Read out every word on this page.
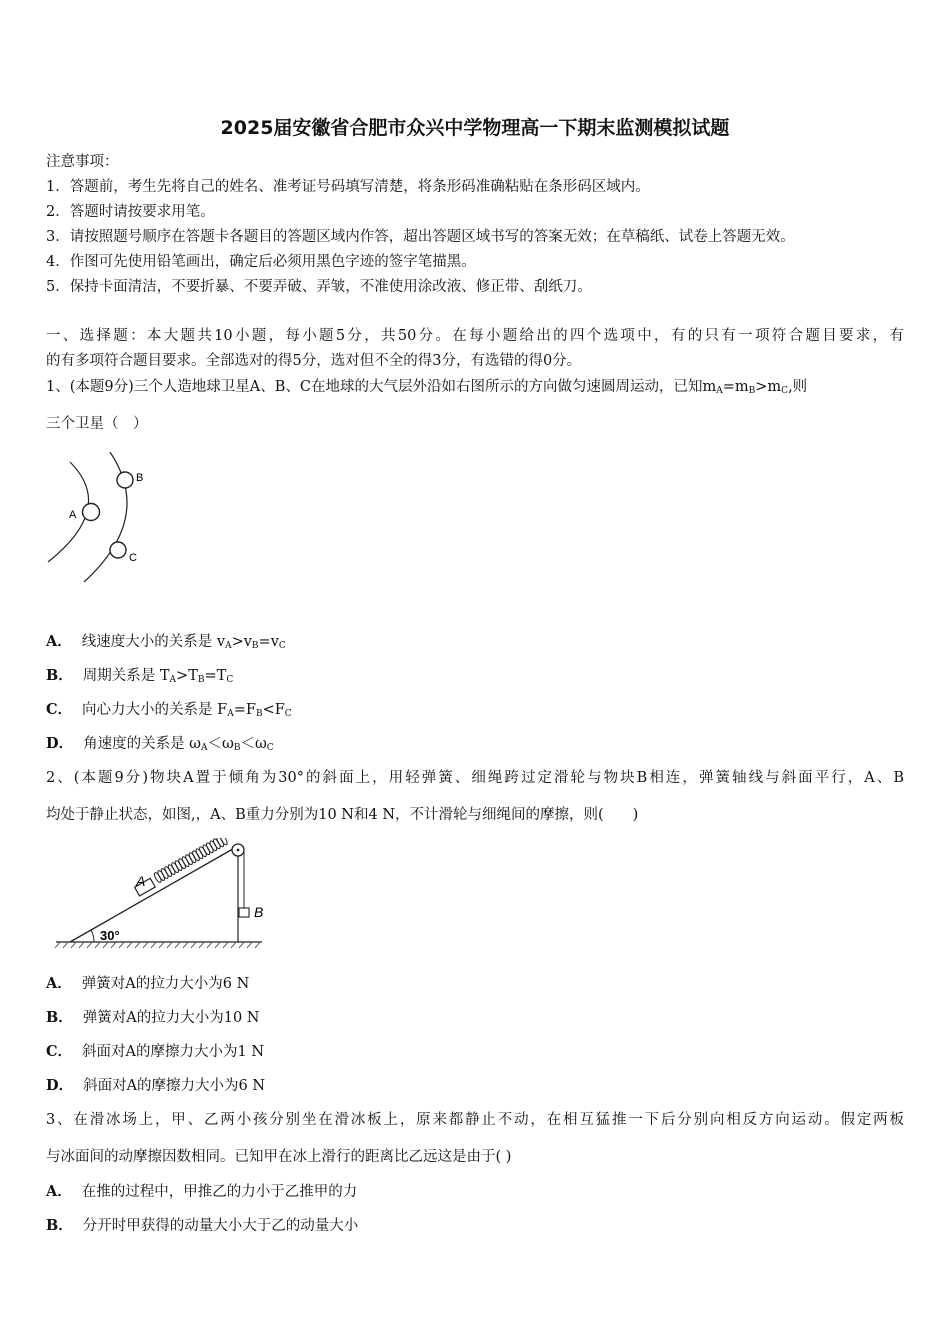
2025届安徽省合肥市众兴中学物理高一下期末监测模拟试题
注意事项：
1．答题前，考生先将自己的姓名、准考证号码填写清楚，将条形码准确粘贴在条形码区域内。
2．答题时请按要求用笔。
3．请按照题号顺序在答题卡各题目的答题区域内作答，超出答题区域书写的答案无效；在草稿纸、试卷上答题无效。
4．作图可先使用铅笔画出，确定后必须用黑色字迹的签字笔描黑。
5．保持卡面清洁，不要折暴、不要弄破、弄皱，不准使用涂改液、修正带、刮纸刀。
一、选择题：本大题共10小题，每小题5分，共50分。在每小题给出的四个选项中，有的只有一项符合题目要求，有
的有多项符合题目要求。全部选对的得5分，选对但不全的得3分，有选错的得0分。
1、(本题9分)三个人造地球卫星A、B、C在地球的大气层外沿如右图所示的方向做匀速圆周运动，已知$m_A=m_B>m_C$,则
三个卫星（　）
A
B
C
A． 线速度大小的关系是 $v_A>v_B=v_C$
B． 周期关系是 $T_A>T_B=T_C$
C． 向心力大小的关系是 $F_A=F_B<F_C$
D． 角速度的关系是 $\omega_A<\omega_B<\omega_C$
2、(本题9分)物块A置于倾角为30°的斜面上，用轻弹簧、细绳跨过定滑轮与物块B相连，弹簧轴线与斜面平行，A、B
均处于静止状态，如图,，A、B重力分别为10 N和4 N，不计滑轮与细绳间的摩擦，则(　　)
30°
A
B
A． 弹簧对A的拉力大小为6 N
B． 弹簧对A的拉力大小为10 N
C． 斜面对A的摩擦力大小为1 N
D． 斜面对A的摩擦力大小为6 N
3、在滑冰场上，甲、乙两小孩分别坐在滑冰板上，原来都静止不动，在相互猛推一下后分别向相反方向运动。假定两板
与冰面间的动摩擦因数相同。已知甲在冰上滑行的距离比乙远这是由于( )
A． 在推的过程中，甲推乙的力小于乙推甲的力
B． 分开时甲获得的动量大小大于乙的动量大小
